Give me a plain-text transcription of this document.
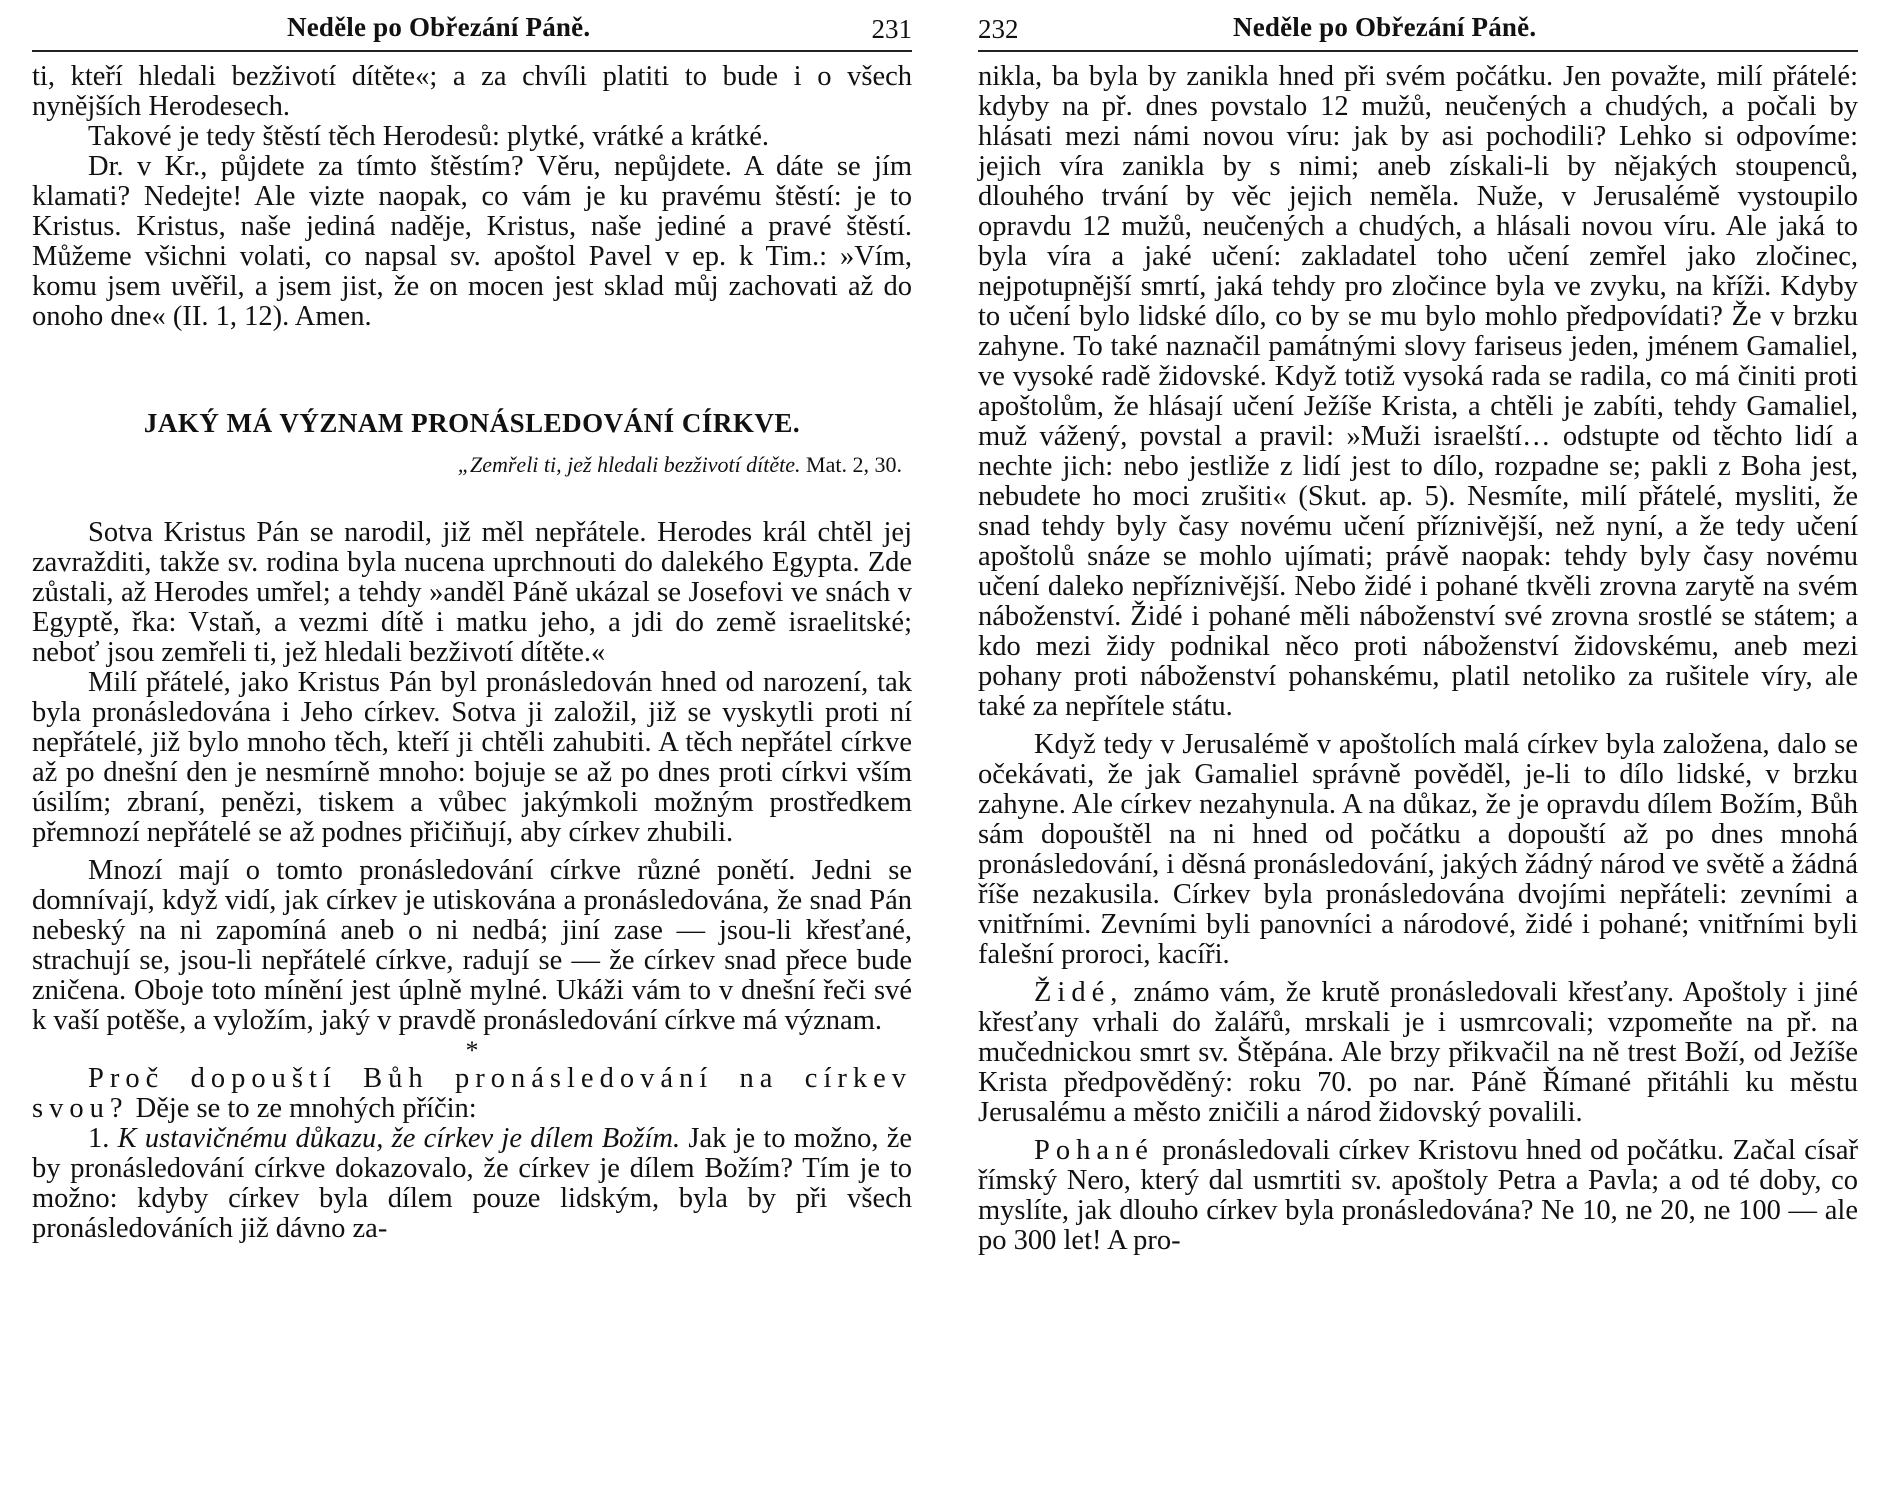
Neděle po Obřezání Páně.	231

ti, kteří hledali bezživotí dítěte«; a za chvíli platiti to bude i o všech nynějších Herodesech.

Takové je tedy štěstí těch Herodesů: plytké, vrátké a krátké.

Dr. v Kr., půjdete za tímto štěstím? Věru, nepůjdete. A dáte se jím klamati? Nedejte! Ale vizte naopak, co vám je ku pravému štěstí: je to Kristus. Kristus, naše jediná naděje, Kristus, naše jediné a pravé štěstí. Můžeme všichni volati, co napsal sv. apoštol Pavel v ep. k Tim.: »Vím, komu jsem uvěřil, a jsem jist, že on mocen jest sklad můj zachovati až do onoho dne« (II. 1, 12). Amen.

JAKÝ MÁ VÝZNAM PRONÁSLEDOVÁNÍ CÍRKVE.
„Zemřeli ti, jež hledali bezživotí dítěte. Mat. 2, 30.

Sotva Kristus Pán se narodil, již měl nepřátele. Herodes král chtěl jej zavražditi, takže sv. rodina byla nucena uprchnouti do dalekého Egypta. Zde zůstali, až Herodes umřel; a tehdy »anděl Páně ukázal se Josefovi ve snách v Egyptě, řka: Vstaň, a vezmi dítě i matku jeho, a jdi do země israelitské; neboť jsou zemřeli ti, jež hledali bezživotí dítěte.«

Milí přátelé, jako Kristus Pán byl pronásledován hned od narození, tak byla pronásledována i Jeho církev. Sotva ji založil, již se vyskytli proti ní nepřátelé, již bylo mnoho těch, kteří ji chtěli zahubiti. A těch nepřátel církve až po dnešní den je nesmírně mnoho: bojuje se až po dnes proti církvi vším úsilím; zbraní, penězi, tiskem a vůbec jakýmkoli možným prostředkem přemnozí nepřátelé se až podnes přičiňují, aby církev zhubili.

Mnozí mají o tomto pronásledování církve různé ponětí. Jedni se domnívají, když vidí, jak církev je utiskována a pronásledována, že snad Pán nebeský na ni zapomíná aneb o ni nedbá; jiní zase — jsou-li křesťané, strachují se, jsou-li nepřátelé církve, radují se — že církev snad přece bude zničena. Oboje toto mínění jest úplně mylné. Ukáži vám to v dnešní řeči své k vaší potěše, a vyložím, jaký v pravdě pronásledování církve má význam.

*

Proč dopouští Bůh pronásledování na církev svou? Děje se to ze mnohých příčin:

1. K ustavičnému důkazu, že církev je dílem Božím. Jak je to možno, že by pronásledování církve dokazovalo, že církev je dílem Božím? Tím je to možno: kdyby církev byla dílem pouze lidským, byla by při všech pronásledováních již dávno za-

232	Neděle po Obřezání Páně.

nikla, ba byla by zanikla hned při svém počátku. Jen považte, milí přátelé: kdyby na př. dnes povstalo 12 mužů, neučených a chudých, a počali by hlásati mezi námi novou víru: jak by asi pochodili? Lehko si odpovíme: jejich víra zanikla by s nimi; aneb získali-li by nějakých stoupenců, dlouhého trvání by věc jejich neměla. Nuže, v Jerusalémě vystoupilo opravdu 12 mužů, neučených a chudých, a hlásali novou víru. Ale jaká to byla víra a jaké učení: zakladatel toho učení zemřel jako zločinec, nejpotupnější smrtí, jaká tehdy pro zločince byla ve zvyku, na kříži. Kdyby to učení bylo lidské dílo, co by se mu bylo mohlo předpovídati? Že v brzku zahyne. To také naznačil památnými slovy fariseus jeden, jménem Gamaliel, ve vysoké radě židovské. Když totiž vysoká rada se radila, co má činiti proti apoštolům, že hlásají učení Ježíše Krista, a chtěli je zabíti, tehdy Gamaliel, muž vážený, povstal a pravil: »Muži israelští… odstupte od těchto lidí a nechte jich: nebo jestliže z lidí jest to dílo, rozpadne se; pakli z Boha jest, nebudete ho moci zrušiti« (Skut. ap. 5). Nesmíte, milí přátelé, mysliti, že snad tehdy byly časy novému učení příznivější, než nyní, a že tedy učení apoštolů snáze se mohlo ujímati; právě naopak: tehdy byly časy novému učení daleko nepříznivější. Nebo židé i pohané tkvěli zrovna zarytě na svém náboženství. Židé i pohané měli náboženství své zrovna srostlé se státem; a kdo mezi židy podnikal něco proti náboženství židovskému, aneb mezi pohany proti náboženství pohanskému, platil netoliko za rušitele víry, ale také za nepřítele státu.

Když tedy v Jerusalémě v apoštolích malá církev byla založena, dalo se očekávati, že jak Gamaliel správně pověděl, je-li to dílo lidské, v brzku zahyne. Ale církev nezahynula. A na důkaz, že je opravdu dílem Božím, Bůh sám dopouštěl na ni hned od počátku a dopouští až po dnes mnohá pronásledování, i děsná pronásledování, jakých žádný národ ve světě a žádná říše nezakusila. Církev byla pronásledována dvojími nepřáteli: zevními a vnitřními. Zevními byli panovníci a národové, židé i pohané; vnitřními byli falešní proroci, kacíři.

Židé, známo vám, že krutě pronásledovali křesťany. Apoštoly i jiné křesťany vrhali do žalářů, mrskali je i usmrcovali; vzpomeňte na př. na mučednickou smrt sv. Štěpána. Ale brzy přikvačil na ně trest Boží, od Ježíše Krista předpověděný: roku 70. po nar. Páně Římané přitáhli ku městu Jerusalému a město zničili a národ židovský povalili.

Pohané pronásledovali církev Kristovu hned od počátku. Začal císař římský Nero, který dal usmrtiti sv. apoštoly Petra a Pavla; a od té doby, co myslíte, jak dlouho církev byla pronásledována? Ne 10, ne 20, ne 100 — ale po 300 let! A pro-
